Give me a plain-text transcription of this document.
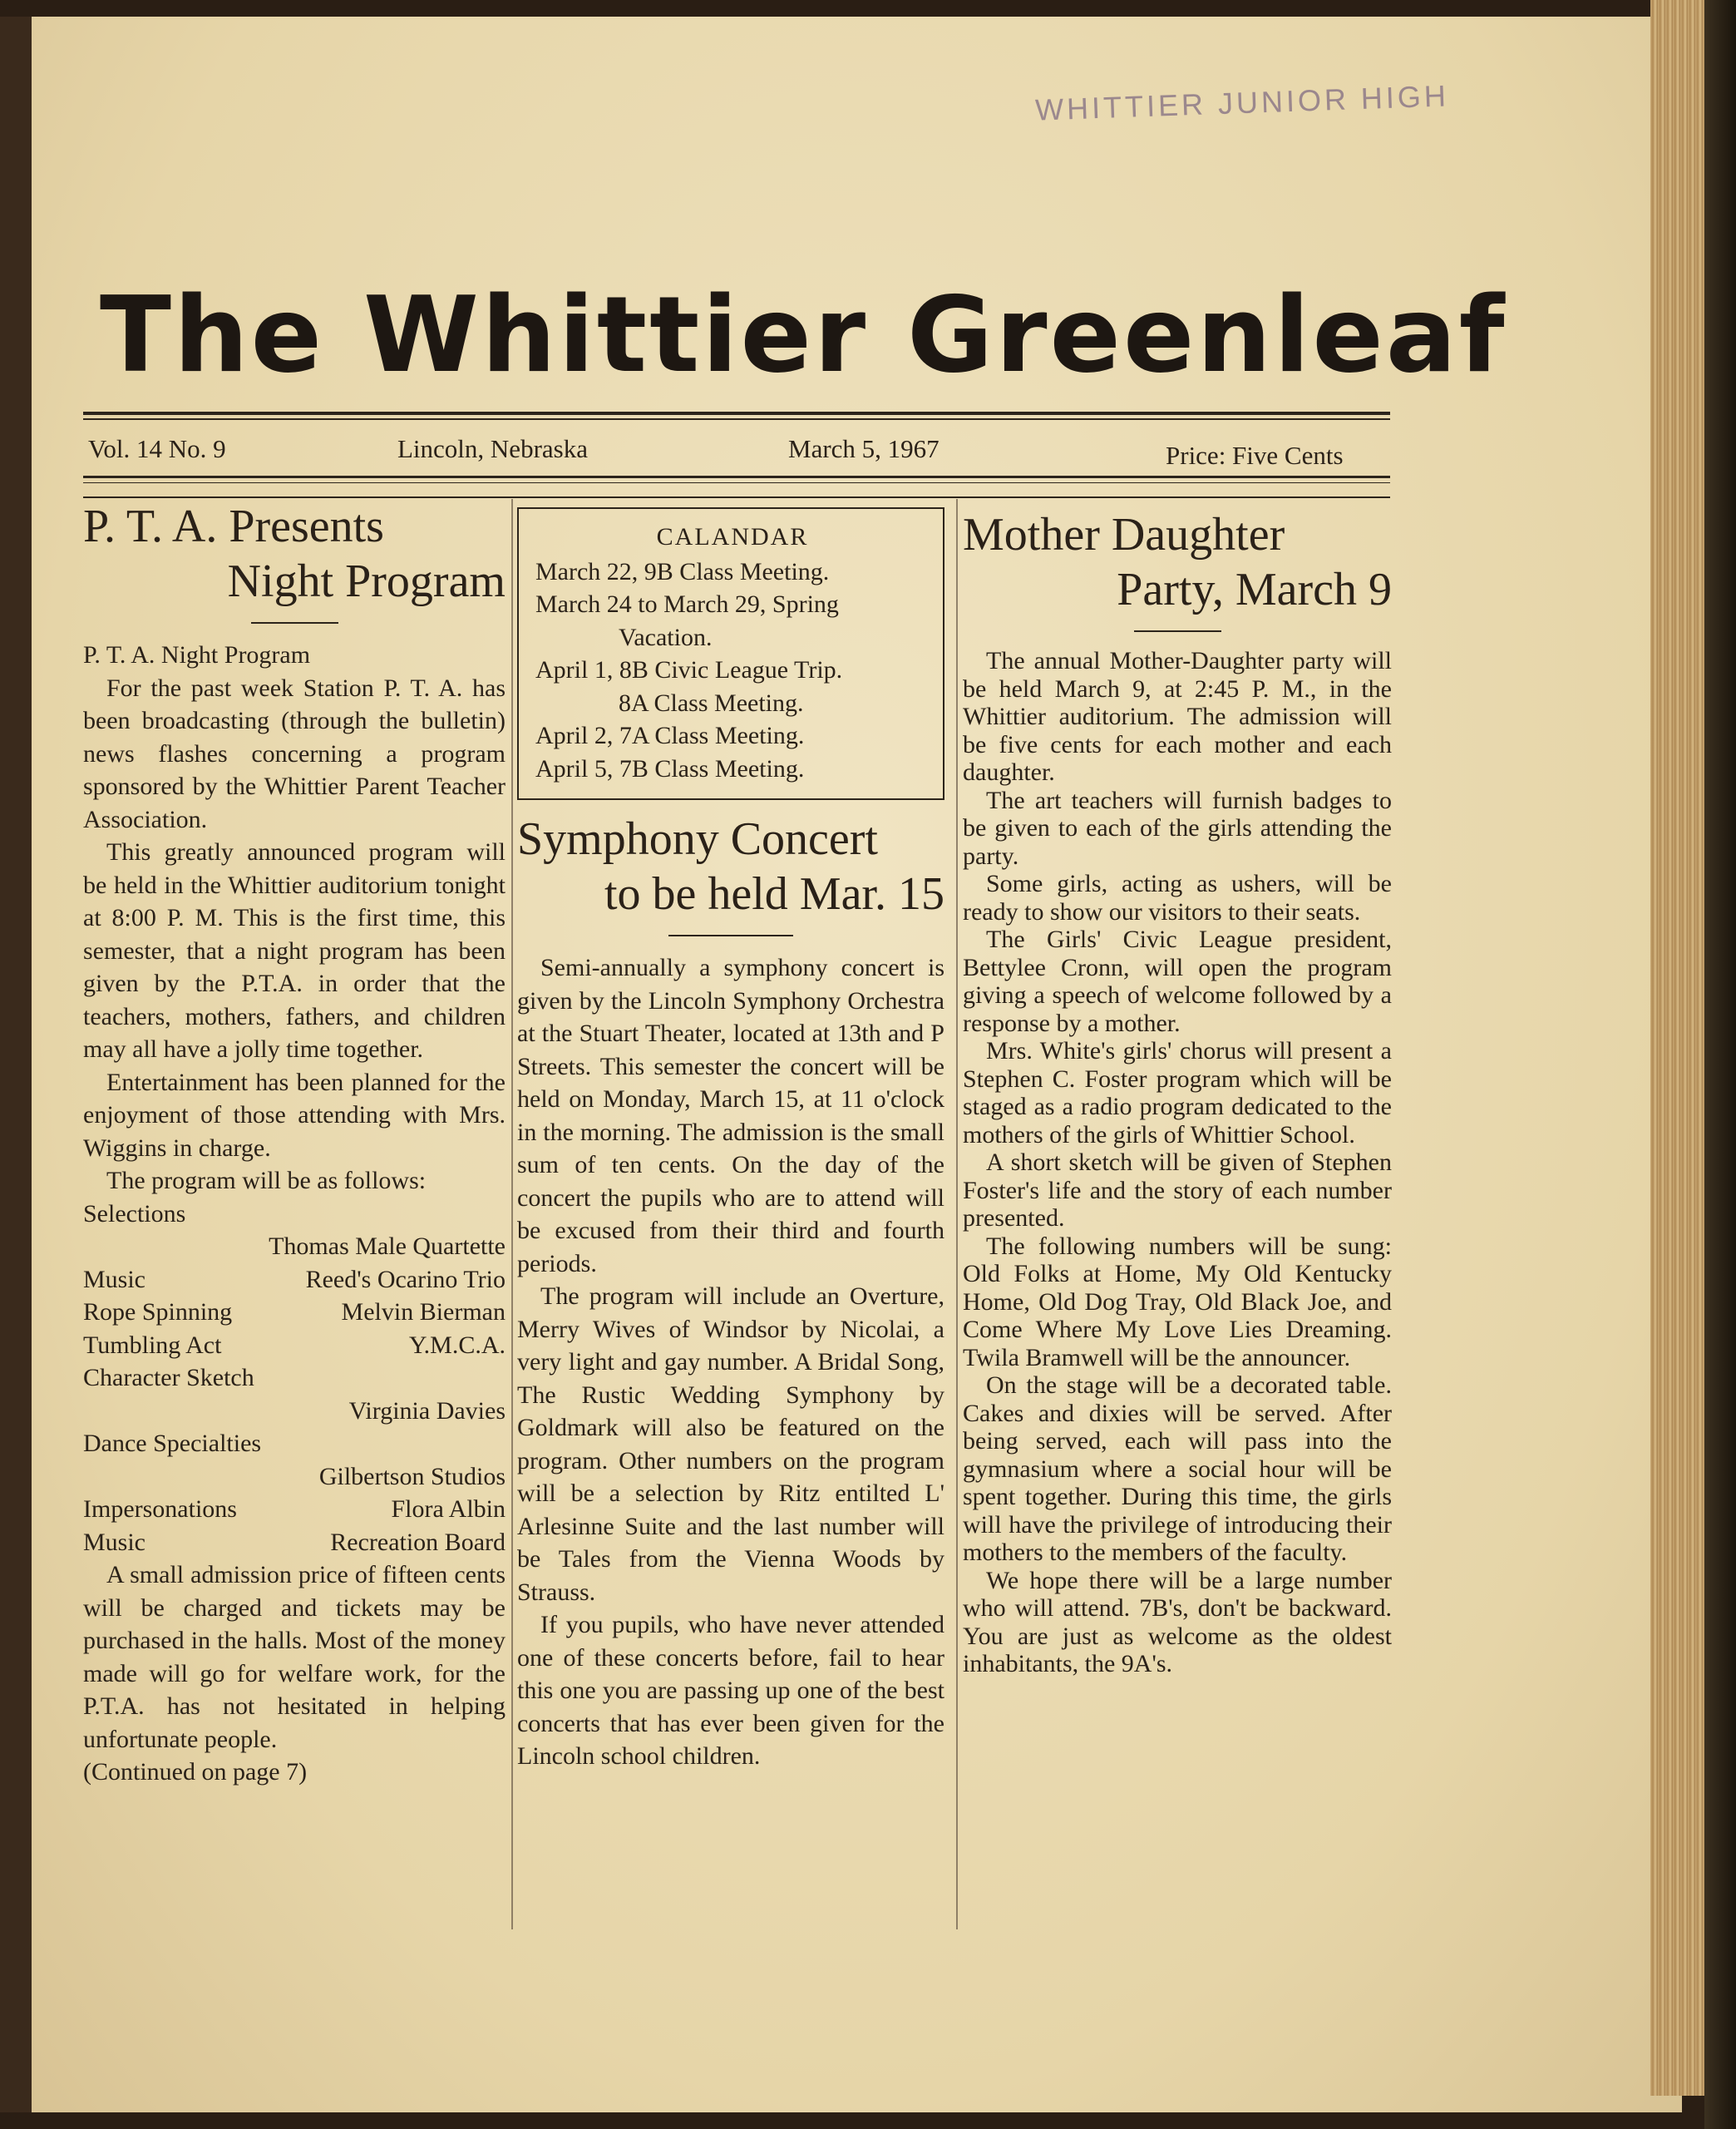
WHITTIER JUNIOR HIGH
The Whittier Greenleaf
Vol. 14 No. 9	Lincoln, Nebraska	March 5, 1967	Price: Five Cents
P. T. A. Presents
Night Program

P. T. A. Night Program

For the past week Station P. T. A. has been broadcasting (through the bulletin) news flashes concerning a program sponsored by the Whittier Parent Teacher Association.

This greatly announced program will be held in the Whittier auditorium tonight at 8:00 P. M. This is the first time, this semester, that a night program has been given by the P.T.A. in order that the teachers, mothers, fathers, and children may all have a jolly time together.

Entertainment has been planned for the enjoyment of those attending with Mrs. Wiggins in charge.

The program will be as follows:

Selections
Thomas Male Quartette
Music	Reed's Ocarino Trio
Rope Spinning	Melvin Bierman
Tumbling Act	Y.M.C.A.
Character Sketch
Virginia Davies
Dance Specialties
Gilbertson Studios
Impersonations	Flora Albin
Music	Recreation Board

A small admission price of fifteen cents will be charged and tickets may be purchased in the halls. Most of the money made will go for welfare work, for the P.T.A. has not hesitated in helping unfortunate people.

(Continued on page 7)

CALANDAR
March 22, 9B Class Meeting.
March 24 to March 29, Spring
Vacation.
April 1, 8B Civic League Trip.
8A Class Meeting.
April 2, 7A Class Meeting.
April 5, 7B Class Meeting.
Symphony Concert
to be held Mar. 15

Semi-annually a symphony concert is given by the Lincoln Symphony Orchestra at the Stuart Theater, located at 13th and P Streets. This semester the concert will be held on Monday, March 15, at 11 o'clock in the morning. The admission is the small sum of ten cents. On the day of the concert the pupils who are to attend will be excused from their third and fourth periods.

The program will include an Overture, Merry Wives of Windsor by Nicolai, a very light and gay number. A Bridal Song, The Rustic Wedding Symphony by Goldmark will also be featured on the program. Other numbers on the program will be a selection by Ritz entilted L' Arlesinne Suite and the last number will be Tales from the Vienna Woods by Strauss.

If you pupils, who have never attended one of these concerts before, fail to hear this one you are passing up one of the best concerts that has ever been given for the Lincoln school children.

Mother Daughter
Party, March 9

The annual Mother-Daughter party will be held March 9, at 2:45 P. M., in the Whittier auditorium. The admission will be five cents for each mother and each daughter.

The art teachers will furnish badges to be given to each of the girls attending the party.

Some girls, acting as ushers, will be ready to show our visitors to their seats.

The Girls' Civic League president, Bettylee Cronn, will open the program giving a speech of welcome followed by a response by a mother.

Mrs. White's girls' chorus will present a Stephen C. Foster program which will be staged as a radio program dedicated to the mothers of the girls of Whittier School.

A short sketch will be given of Stephen Foster's life and the story of each number presented.

The following numbers will be sung: Old Folks at Home, My Old Kentucky Home, Old Dog Tray, Old Black Joe, and Come Where My Love Lies Dreaming. Twila Bramwell will be the announcer.

On the stage will be a decorated table. Cakes and dixies will be served. After being served, each will pass into the gymnasium where a social hour will be spent together. During this time, the girls will have the privilege of introducing their mothers to the members of the faculty.

We hope there will be a large number who will attend. 7B's, don't be backward. You are just as welcome as the oldest inhabitants, the 9A's.
